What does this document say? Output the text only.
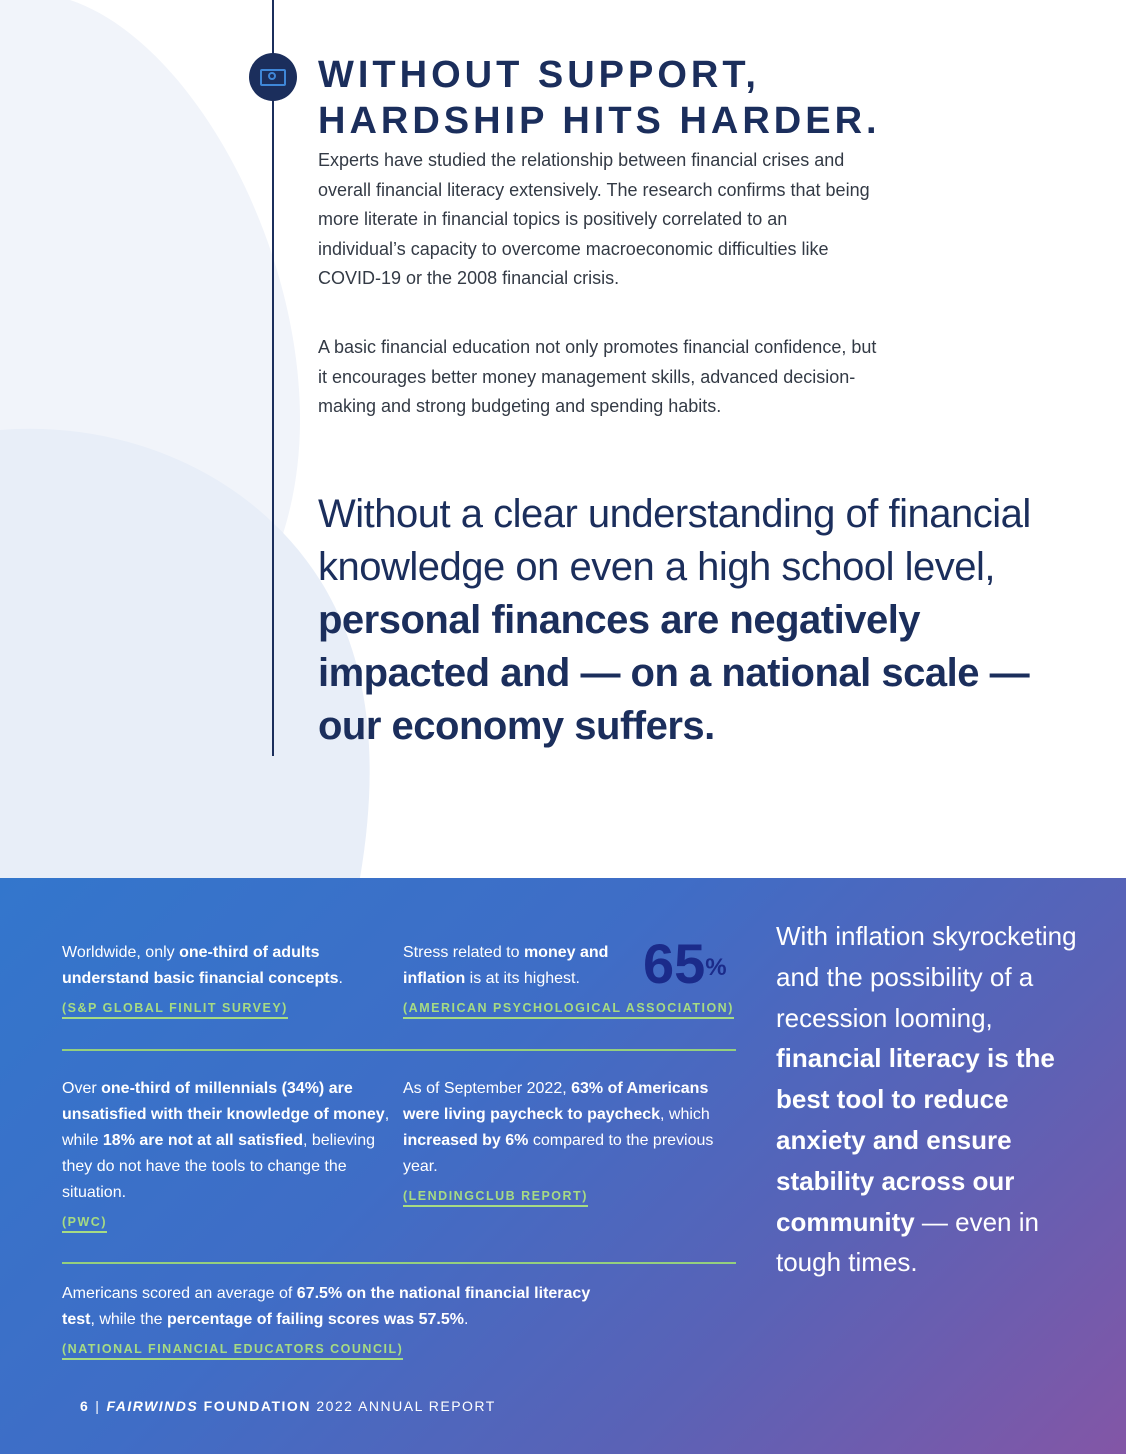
WITHOUT SUPPORT,
HARDSHIP HITS HARDER.

Experts have studied the relationship between financial crises and overall financial literacy extensively. The research confirms that being more literate in financial topics is positively correlated to an individual’s capacity to overcome macroeconomic difficulties like COVID-19 or the 2008 financial crisis.

A basic financial education not only promotes financial confidence, but it encourages better money management skills, advanced decision-making and strong budgeting and spending habits.

Without a clear understanding of financial knowledge on even a high school level, personal finances are negatively impacted and — on a national scale — our economy suffers.

Worldwide, only one-third of adults understand basic financial concepts.
(S&P GLOBAL FINLIT SURVEY)
Stress related to money and inflation is at its highest.
(AMERICAN PSYCHOLOGICAL ASSOCIATION)
65%
Over one-third of millennials (34%) are unsatisfied with their knowledge of money, while 18% are not at all satisfied, believing they do not have the tools to change the situation.
(PWC)
As of September 2022, 63% of Americans were living paycheck to paycheck, which increased by 6% compared to the previous year.
(LENDINGCLUB REPORT)
Americans scored an average of 67.5% on the national financial literacy test, while the percentage of failing scores was 57.5%.
(NATIONAL FINANCIAL EDUCATORS COUNCIL)

With inflation skyrocketing and the possibility of a recession looming, financial literacy is the best tool to reduce anxiety and ensure stability across our community — even in tough times.

6 | FAIRWINDS FOUNDATION 2022 ANNUAL REPORT
